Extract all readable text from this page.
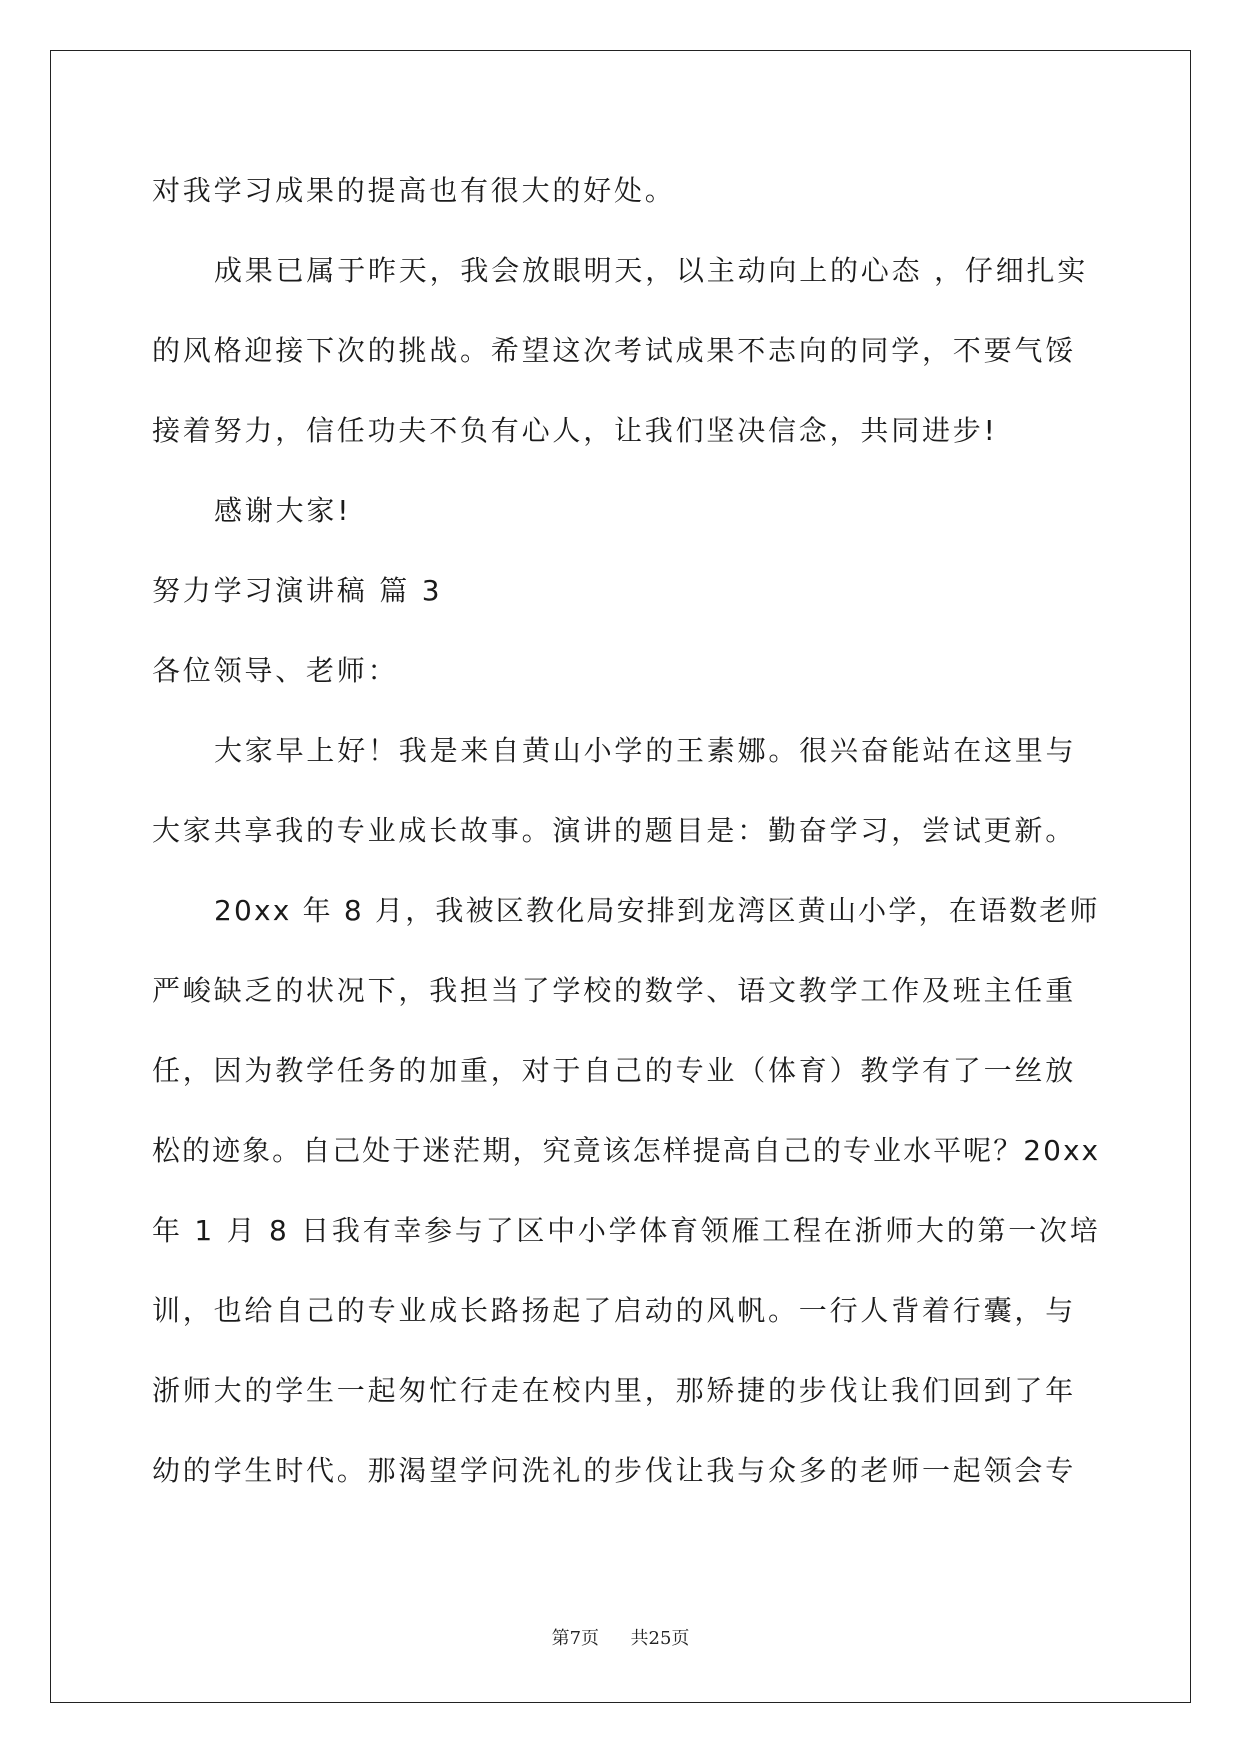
对我学习成果的提高也有很大的好处。
成果已属于昨天，我会放眼明天，以主动向上的心态 ，仔细扎实
的风格迎接下次的挑战。希望这次考试成果不志向的同学，不要气馁
接着努力，信任功夫不负有心人，让我们坚决信念，共同进步!
感谢大家!
努力学习演讲稿 篇 3
各位领导、老师：
大家早上好！我是来自黄山小学的王素娜。很兴奋能站在这里与
大家共享我的专业成长故事。演讲的题目是：勤奋学习，尝试更新。
20xx 年 8 月，我被区教化局安排到龙湾区黄山小学，在语数老师
严峻缺乏的状况下，我担当了学校的数学、语文教学工作及班主任重
任，因为教学任务的加重，对于自己的专业（体育）教学有了一丝放
松的迹象。自己处于迷茫期，究竟该怎样提高自己的专业水平呢？20xx
年 1 月 8 日我有幸参与了区中小学体育领雁工程在浙师大的第一次培
训，也给自己的专业成长路扬起了启动的风帆。一行人背着行囊，与
浙师大的学生一起匆忙行走在校内里，那矫捷的步伐让我们回到了年
幼的学生时代。那渴望学问洗礼的步伐让我与众多的老师一起领会专
第7页 共25页
